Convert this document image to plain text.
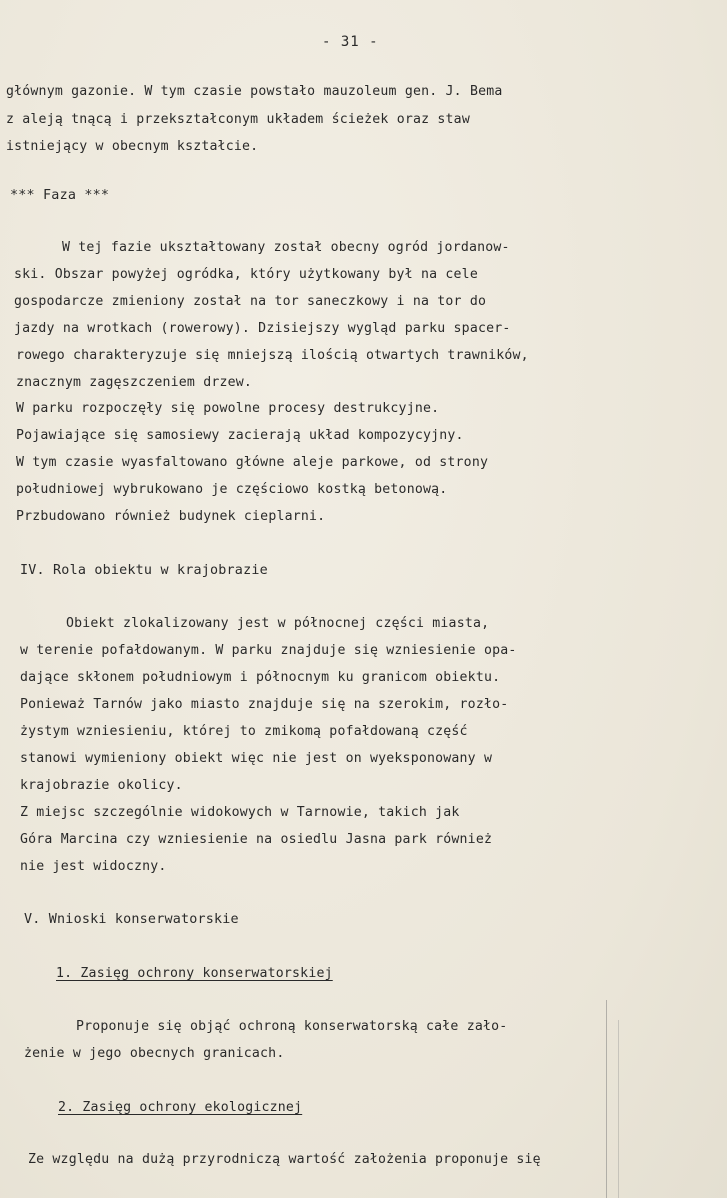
- 31 -
głównym gazonie. W tym czasie powstało mauzoleum gen. J. Bema
z aleją tnącą i przekształconym układem ścieżek oraz staw
istniejący w obecnym kształcie.
*** Faza ***
W tej fazie ukształtowany został obecny ogród jordanow-
ski. Obszar powyżej ogródka, który użytkowany był na cele
gospodarcze zmieniony został na tor saneczkowy i na tor do
jazdy na wrotkach (rowerowy). Dzisiejszy wygląd parku spacer-
rowego charakteryzuje się mniejszą ilością otwartych trawników,
znacznym zagęszczeniem drzew.
W parku rozpoczęły się powolne procesy destrukcyjne.
Pojawiające się samosiewy zacierają układ kompozycyjny.
W tym czasie wyasfaltowano główne aleje parkowe, od strony
południowej wybrukowano je częściowo kostką betonową.
Przbudowano również budynek cieplarni.
IV. Rola obiektu w krajobrazie
Obiekt zlokalizowany jest w północnej części miasta,
w terenie pofałdowanym. W parku znajduje się wzniesienie opa-
dające skłonem południowym i północnym ku granicom obiektu.
Ponieważ Tarnów jako miasto znajduje się na szerokim, rozło-
żystym wzniesieniu, której to zmikomą pofałdowaną część
stanowi wymieniony obiekt więc nie jest on wyeksponowany w
krajobrazie okolicy.
Z miejsc szczególnie widokowych w Tarnowie, takich jak
Góra Marcina czy wzniesienie na osiedlu Jasna park również
nie jest widoczny.
V. Wnioski konserwatorskie
1. Zasięg ochrony konserwatorskiej
Proponuje się objąć ochroną konserwatorską całe zało-
żenie w jego obecnych granicach.
2. Zasięg ochrony ekologicznej
Ze względu na dużą przyrodniczą wartość założenia proponuje się
